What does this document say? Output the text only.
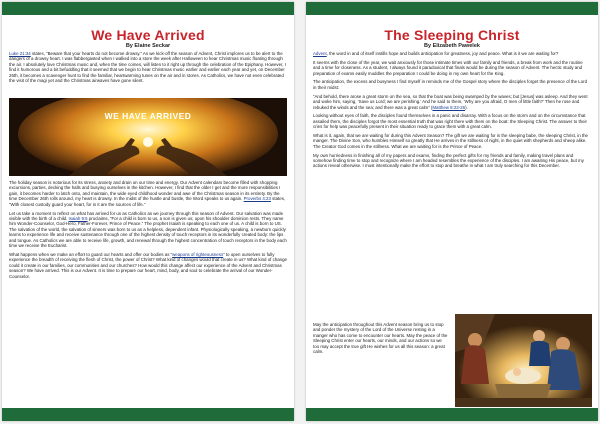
We Have Arrived
By Elaine Seckar

Luke 21:34 states, “Beware that your hearts do not become drowsy.” As we kick-off the season of Advent, Christ implores us to be alert to the dangers of a drowsy heart. I was flabbergasted when I walked into a store the week after Halloween to hear Christmas music floating through the air. I absolutely love Christmas music and, when the time comes, will listen to it right up through the celebration of the Epiphany. However, I find it humorous and a bit befuddling that it seemed that we begin to hear Christmas music earlier and earlier each year and yet, on December 26th, it becomes a scavenger hunt to find the familiar, heartwarming tunes on the air and in stores. As Catholics, we have not even celebrated the visit of the magi yet and the Christmas airwaves have gone silent.

WE HAVE ARRIVED

The holiday season is notorious for its stress, anxiety and drain on our time and energy. Our Advent calendars become filled with shopping excursions, parties, decking the halls and busying ourselves in the kitchen. However, I find that the older I get and the more responsibilities I gain, it becomes harder to latch onto, and maintain, the wide eyed childhood wonder and awe of the Christmas season in its entirety. By the time December 26th rolls around, my heart is drowsy. In the midst of the hustle and bustle, the Word speaks to us again. Proverbs 4:23 states, “With closest custody guard your heart, for in it are the sources of life.”

Let us take a moment to reflect on what has arrived for us as Catholics as we journey through this season of Advent. Our salvation was made visible with the birth of a child. Isaiah 9:5 proclaims, “For a child is born to us, a son is given us; upon his shoulder dominion rests. They name him Wonder-Counselor, God-Hero, Father-Forever, Prince of Peace.” The prophet Isaiah is speaking to each one of us. A child is born to US. The salvation of the world, the salvation of sinners was born to us as a helpless, dependent infant. Physiologically speaking, a newborn quickly learns to experience life and receive sustenance through one of the highest density of touch receptors in its wonderfully created body: the lips and tongue. As Catholics we are able to receive life, growth, and renewal through the highest concentration of touch receptors in the body each time we receive the Eucharist.

What happens when we make an effort to guard our hearts and offer our bodies as “weapons of righteousness” to open ourselves to fully experience the breadth of receiving the flesh of Christ, the power of Christ? What kind of changes would that create in us? What kind of change could it create in our families, our communities and our churches? How would this change affect our experience of the Advent and Christmas season? We have arrived. This is our Advent. It is time to prepare our heart, mind, body, and soul to celebrate the arrival of our Wonder-Counselor.

The Sleeping Christ
By Elizabeth Pawelek

Advent, the word in and of itself instills hope and builds anticipation for greatness, joy and peace. What is it we are waiting for?

It seems with the close of the year, we wait anxiously for those intimate times with our family and friends, a break from work and the routine and a time for closeness. As a student, I always found it paradoxical that finals would be during the season of Advent. The hectic study and preparation of exams easily muddles the preparation I could be doing in my own heart for the King.

The anticipation, the excess and busyness I find myself in reminds me of the Gospel story where the disciples forget the presence of the Lord in their midst:

“And behold, there arose a great storm on the sea, so that the boat was being swamped by the waves; but [Jesus] was asleep. And they went and woke him, saying, ‘Save us Lord; we are perishing.’ And he said to them, ‘Why are you afraid, O men of little faith?’ Then he rose and rebuked the winds and the sea; and there was a great calm” (Matthew 8:23-26).

Looking without eyes of faith, the disciples found themselves in a panic and disarray. With a focus on the storm and on the circumstance that assailed them, the disciples forgot the most essential truth that was right there with them on the boat: the Sleeping Christ. The answer to their cries for help was peacefully present in their situation ready to grace them with a great calm.

What is it, again, that we are waiting for during this Advent Season? The gift we are waiting for is the sleeping babe, the sleeping Christ, in the manger. The Divine Son, who humbles Himself so greatly that He arrives in the stillness of night, in the quiet with shepherds and sheep alike. The Creator God comes in the stillness. What we are waiting for is the Prince of Peace.

My own hurriedness in finishing all of my papers and exams, finding the perfect gifts for my friends and family, making travel plans and somehow finding time to stop and recognize where I am headed resembles the experience of the disciples. I am awaiting His peace, but my actions reveal otherwise. I must intentionally make the effort to stop and breathe in what I am truly searching for this December.

May the anticipation throughout this Advent season bring us to stop and ponder the mystery of the Lord of the Universe resting in a manger who has come to encounter our hearts. May the peace of the Sleeping Christ enter our hearts, our minds, and our actions so we too may accept the true gift He wishes for us all this season: a great calm.
